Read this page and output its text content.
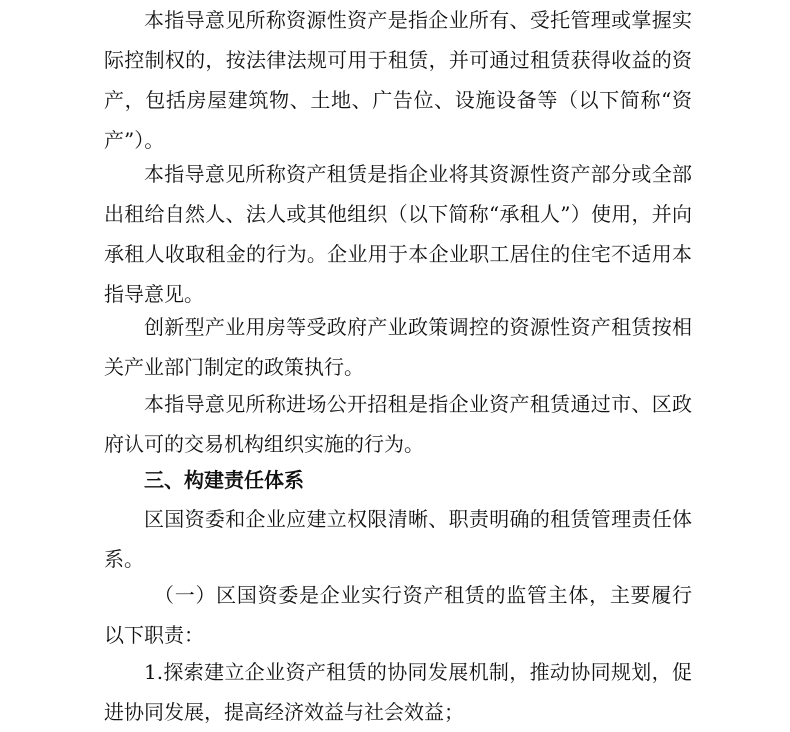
本指导意见所称资源性资产是指企业所有、受托管理或掌握实际控制权的，按法律法规可用于租赁，并可通过租赁获得收益的资产，包括房屋建筑物、土地、广告位、设施设备等（以下简称“资产”）。

本指导意见所称资产租赁是指企业将其资源性资产部分或全部出租给自然人、法人或其他组织（以下简称“承租人”）使用，并向承租人收取租金的行为。企业用于本企业职工居住的住宅不适用本指导意见。

创新型产业用房等受政府产业政策调控的资源性资产租赁按相关产业部门制定的政策执行。

本指导意见所称进场公开招租是指企业资产租赁通过市、区政府认可的交易机构组织实施的行为。

三、构建责任体系

区国资委和企业应建立权限清晰、职责明确的租赁管理责任体系。

（一）区国资委是企业实行资产租赁的监管主体，主要履行以下职责：

1.探索建立企业资产租赁的协同发展机制，推动协同规划，促进协同发展，提高经济效益与社会效益；
